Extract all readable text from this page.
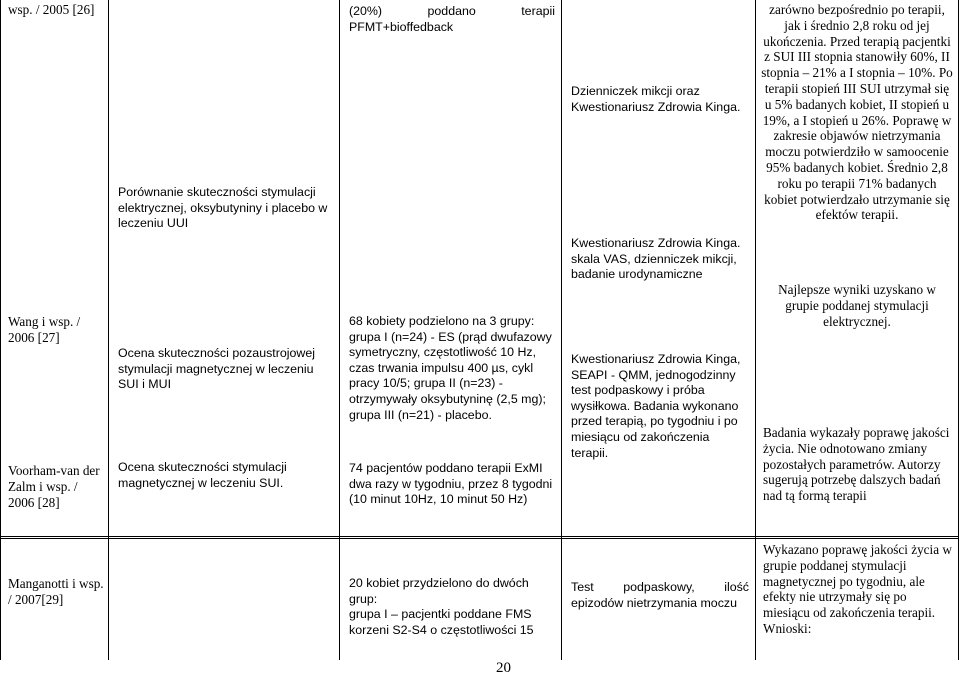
wsp. / 2005 [26]
Wang i wsp. / 2006 [27]
Voorham-van der Zalm i wsp. / 2006 [28]
Porównanie skuteczności stymulacji elektrycznej, oksybutyniny i placebo w leczeniu UUI
Ocena skuteczności pozaustrojowej stymulacji magnetycznej w leczeniu SUI i MUI
Ocena skuteczności stymulacji magnetycznej w leczeniu SUI.
(20%) poddano terapii PFMT+bioffedback
68 kobiety podzielono na 3 grupy:
grupa I (n=24) - ES (prąd dwufazowy symetryczny, częstotliwość 10 Hz, czas trwania impulsu 400 µs, cykl pracy 10/5; grupa II (n=23) - otrzymywały oksybutyninę (2,5 mg);
grupa III (n=21) - placebo.
74 pacjentów poddano terapii ExMI dwa razy w tygodniu, przez 8 tygodni (10 minut 10Hz, 10 minut 50 Hz)
Dzienniczek mikcji oraz Kwestionariusz Zdrowia Kinga.
Kwestionariusz Zdrowia Kinga. skala VAS, dzienniczek mikcji, badanie urodynamiczne
Kwestionariusz Zdrowia Kinga, SEAPI - QMM, jednogodzinny test podpaskowy i próba wysiłkowa. Badania wykonano przed terapią, po tygodniu i po miesiącu od zakończenia terapii.
zarówno bezpośrednio po terapii, jak i średnio 2,8 roku od jej ukończenia. Przed terapią pacjentki z SUI III stopnia stanowiły 60%, II stopnia – 21% a I stopnia – 10%. Po terapii stopień III SUI utrzymał się u 5% badanych kobiet, II stopień u 19%, a I stopień u 26%. Poprawę w zakresie objawów nietrzymania moczu potwierdziło w samoocenie 95% badanych kobiet. Średnio 2,8 roku po terapii 71% badanych kobiet potwierdzało utrzymanie się efektów terapii.
Najlepsze wyniki uzyskano w grupie poddanej stymulacji elektrycznej.
Badania wykazały poprawę jakości życia. Nie odnotowano zmiany pozostałych parametrów. Autorzy sugerują potrzebę dalszych badań nad tą formą terapii
Manganotti i wsp. / 2007[29]
20 kobiet przydzielono do dwóch grup:
grupa I – pacjentki poddane FMS korzeni S2-S4 o częstotliwości 15
Test podpaskowy, ilość epizodów nietrzymania moczu
Wykazano poprawę jakości życia w grupie poddanej stymulacji magnetycznej po tygodniu, ale efekty nie utrzymały się po miesiącu od zakończenia terapii. Wnioski:
20
